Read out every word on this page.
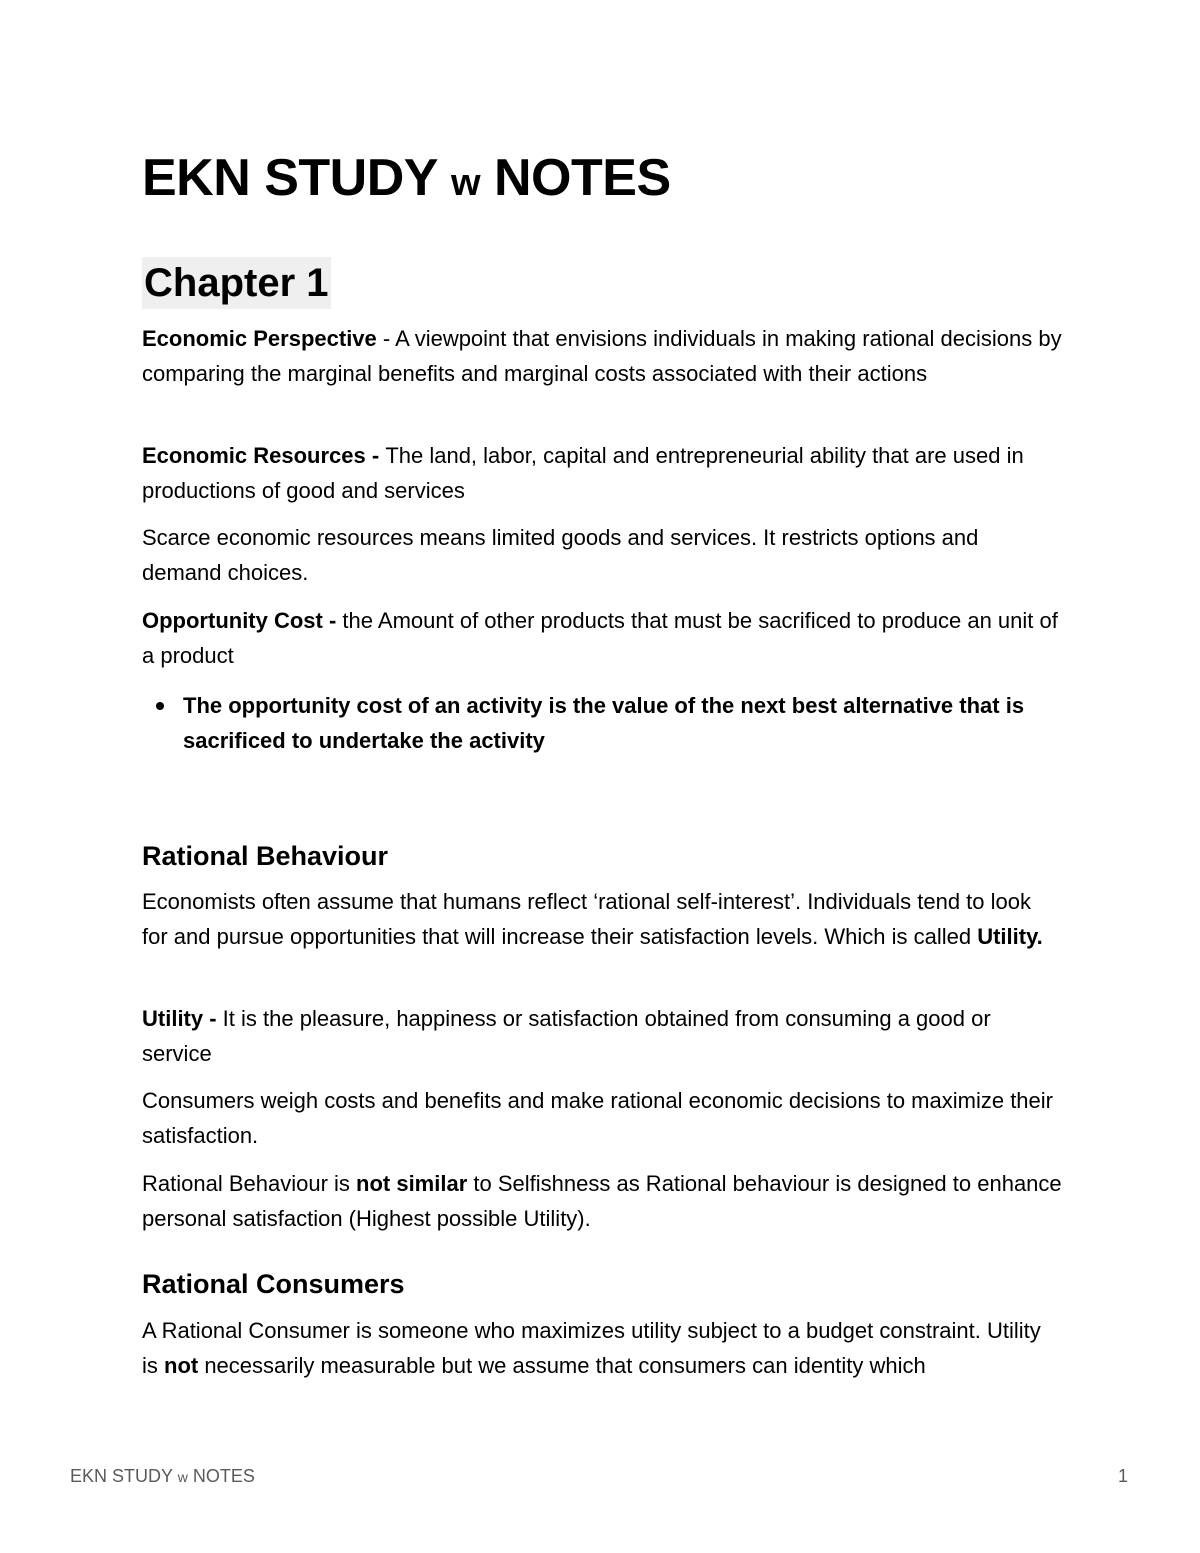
EKN STUDY w NOTES
Chapter 1

Economic Perspective - A viewpoint that envisions individuals in making rational decisions by comparing the marginal benefits and marginal costs associated with their actions

Economic Resources - The land, labor, capital and entrepreneurial ability that are used in productions of good and services

Scarce economic resources means limited goods and services. It restricts options and demand choices.

Opportunity Cost - the Amount of other products that must be sacrificed to produce an unit of a product

The opportunity cost of an activity is the value of the next best alternative that is sacrificed to undertake the activity
Rational Behaviour

Economists often assume that humans reflect ‘rational self-interest’. Individuals tend to look for and pursue opportunities that will increase their satisfaction levels. Which is called Utility.

Utility - It is the pleasure, happiness or satisfaction obtained from consuming a good or service

Consumers weigh costs and benefits and make rational economic decisions to maximize their satisfaction.

Rational Behaviour is not similar to Selfishness as Rational behaviour is designed to enhance personal satisfaction (Highest possible Utility).

Rational Consumers

A Rational Consumer is someone who maximizes utility subject to a budget constraint. Utility is not necessarily measurable but we assume that consumers can identity which

EKN STUDY w NOTES	1
